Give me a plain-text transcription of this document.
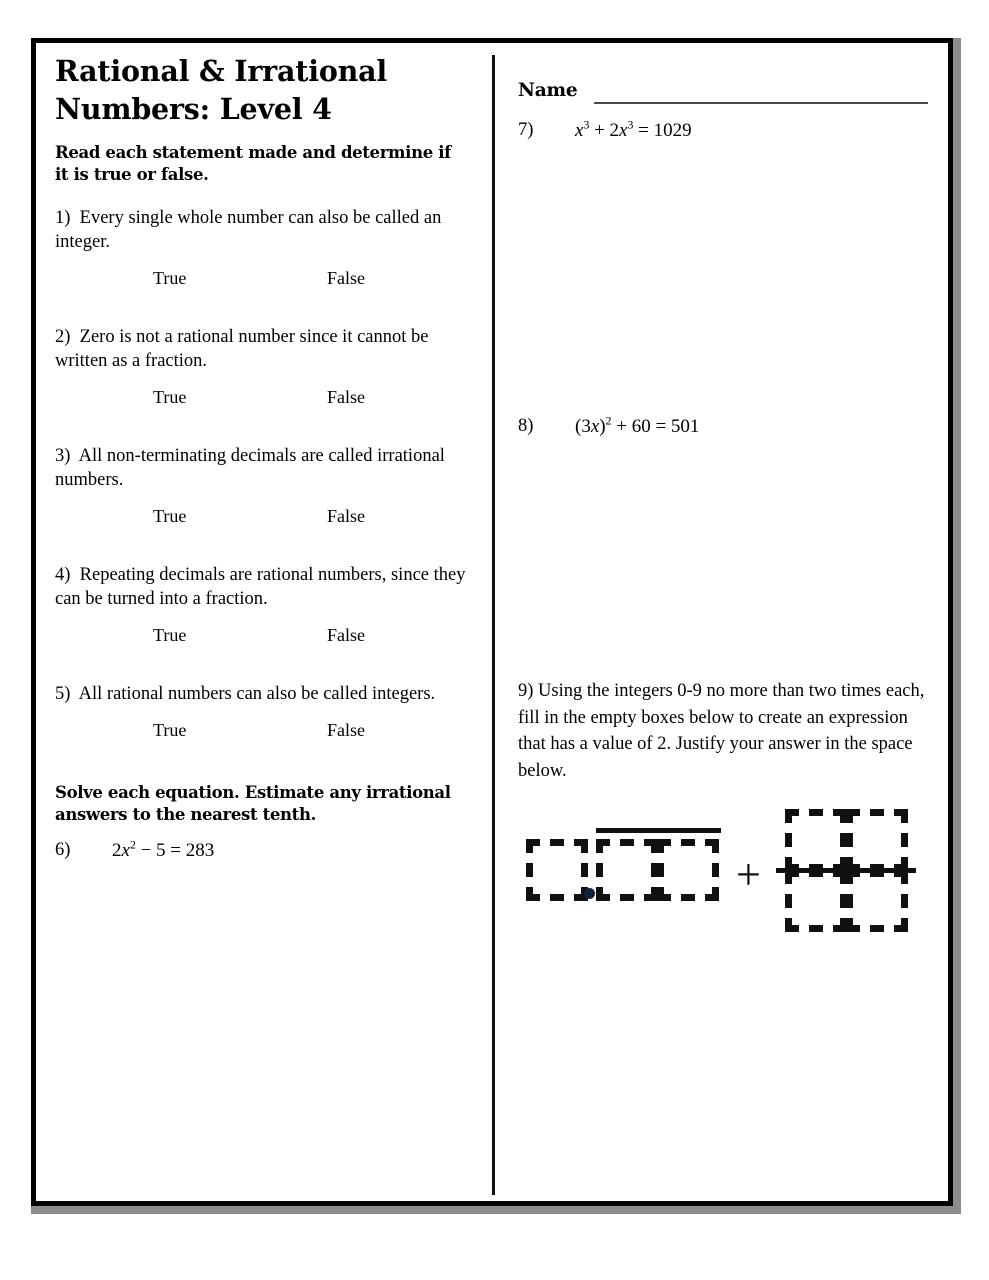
Rational & Irrational Numbers: Level 4

Read each statement made and determine if it is true or false.

1) Every single whole number can also be called an integer.

True	False

2) Zero is not a rational number since it cannot be written as a fraction.

True	False

3) All non-terminating decimals are called irrational numbers.

True	False

4) Repeating decimals are rational numbers, since they can be turned into a fraction.

True	False

5) All rational numbers can also be called integers.

True	False

Solve each equation. Estimate any irrational answers to the nearest tenth.

6) $2x^2 - 5 = 283$
Name
7) $x^3 + 2x^3 = 1029$
8) $(3x)^2 + 60 = 501$

9) Using the integers 0-9 no more than two times each, fill in the empty boxes below to create an expression that has a value of 2. Justify your answer in the space below.

+
